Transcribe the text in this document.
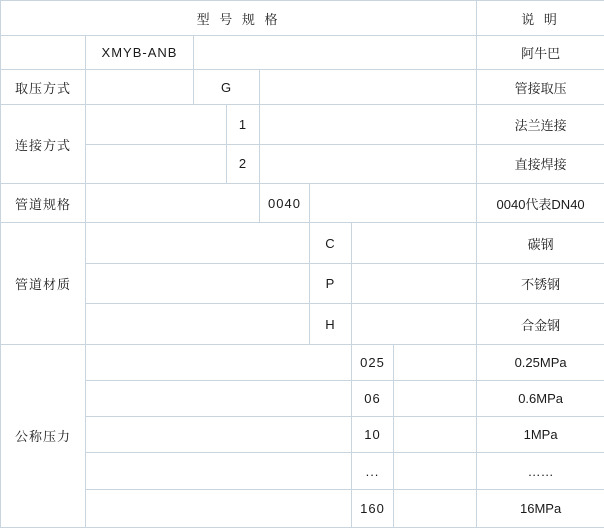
型 号 规 格								说 明
	XMYB-ANB							阿牛巴
取压方式		G						管接取压
连接方式			1					法兰连接
			2					直接焊接
管道规格				0040				0040代表DN40
管道材质					C			碳钢
					P			不锈钢
					H			合金钢
公称压力						025		0.25MPa
						06		0.6MPa
						10		1MPa
						...		……
						160		16MPa
